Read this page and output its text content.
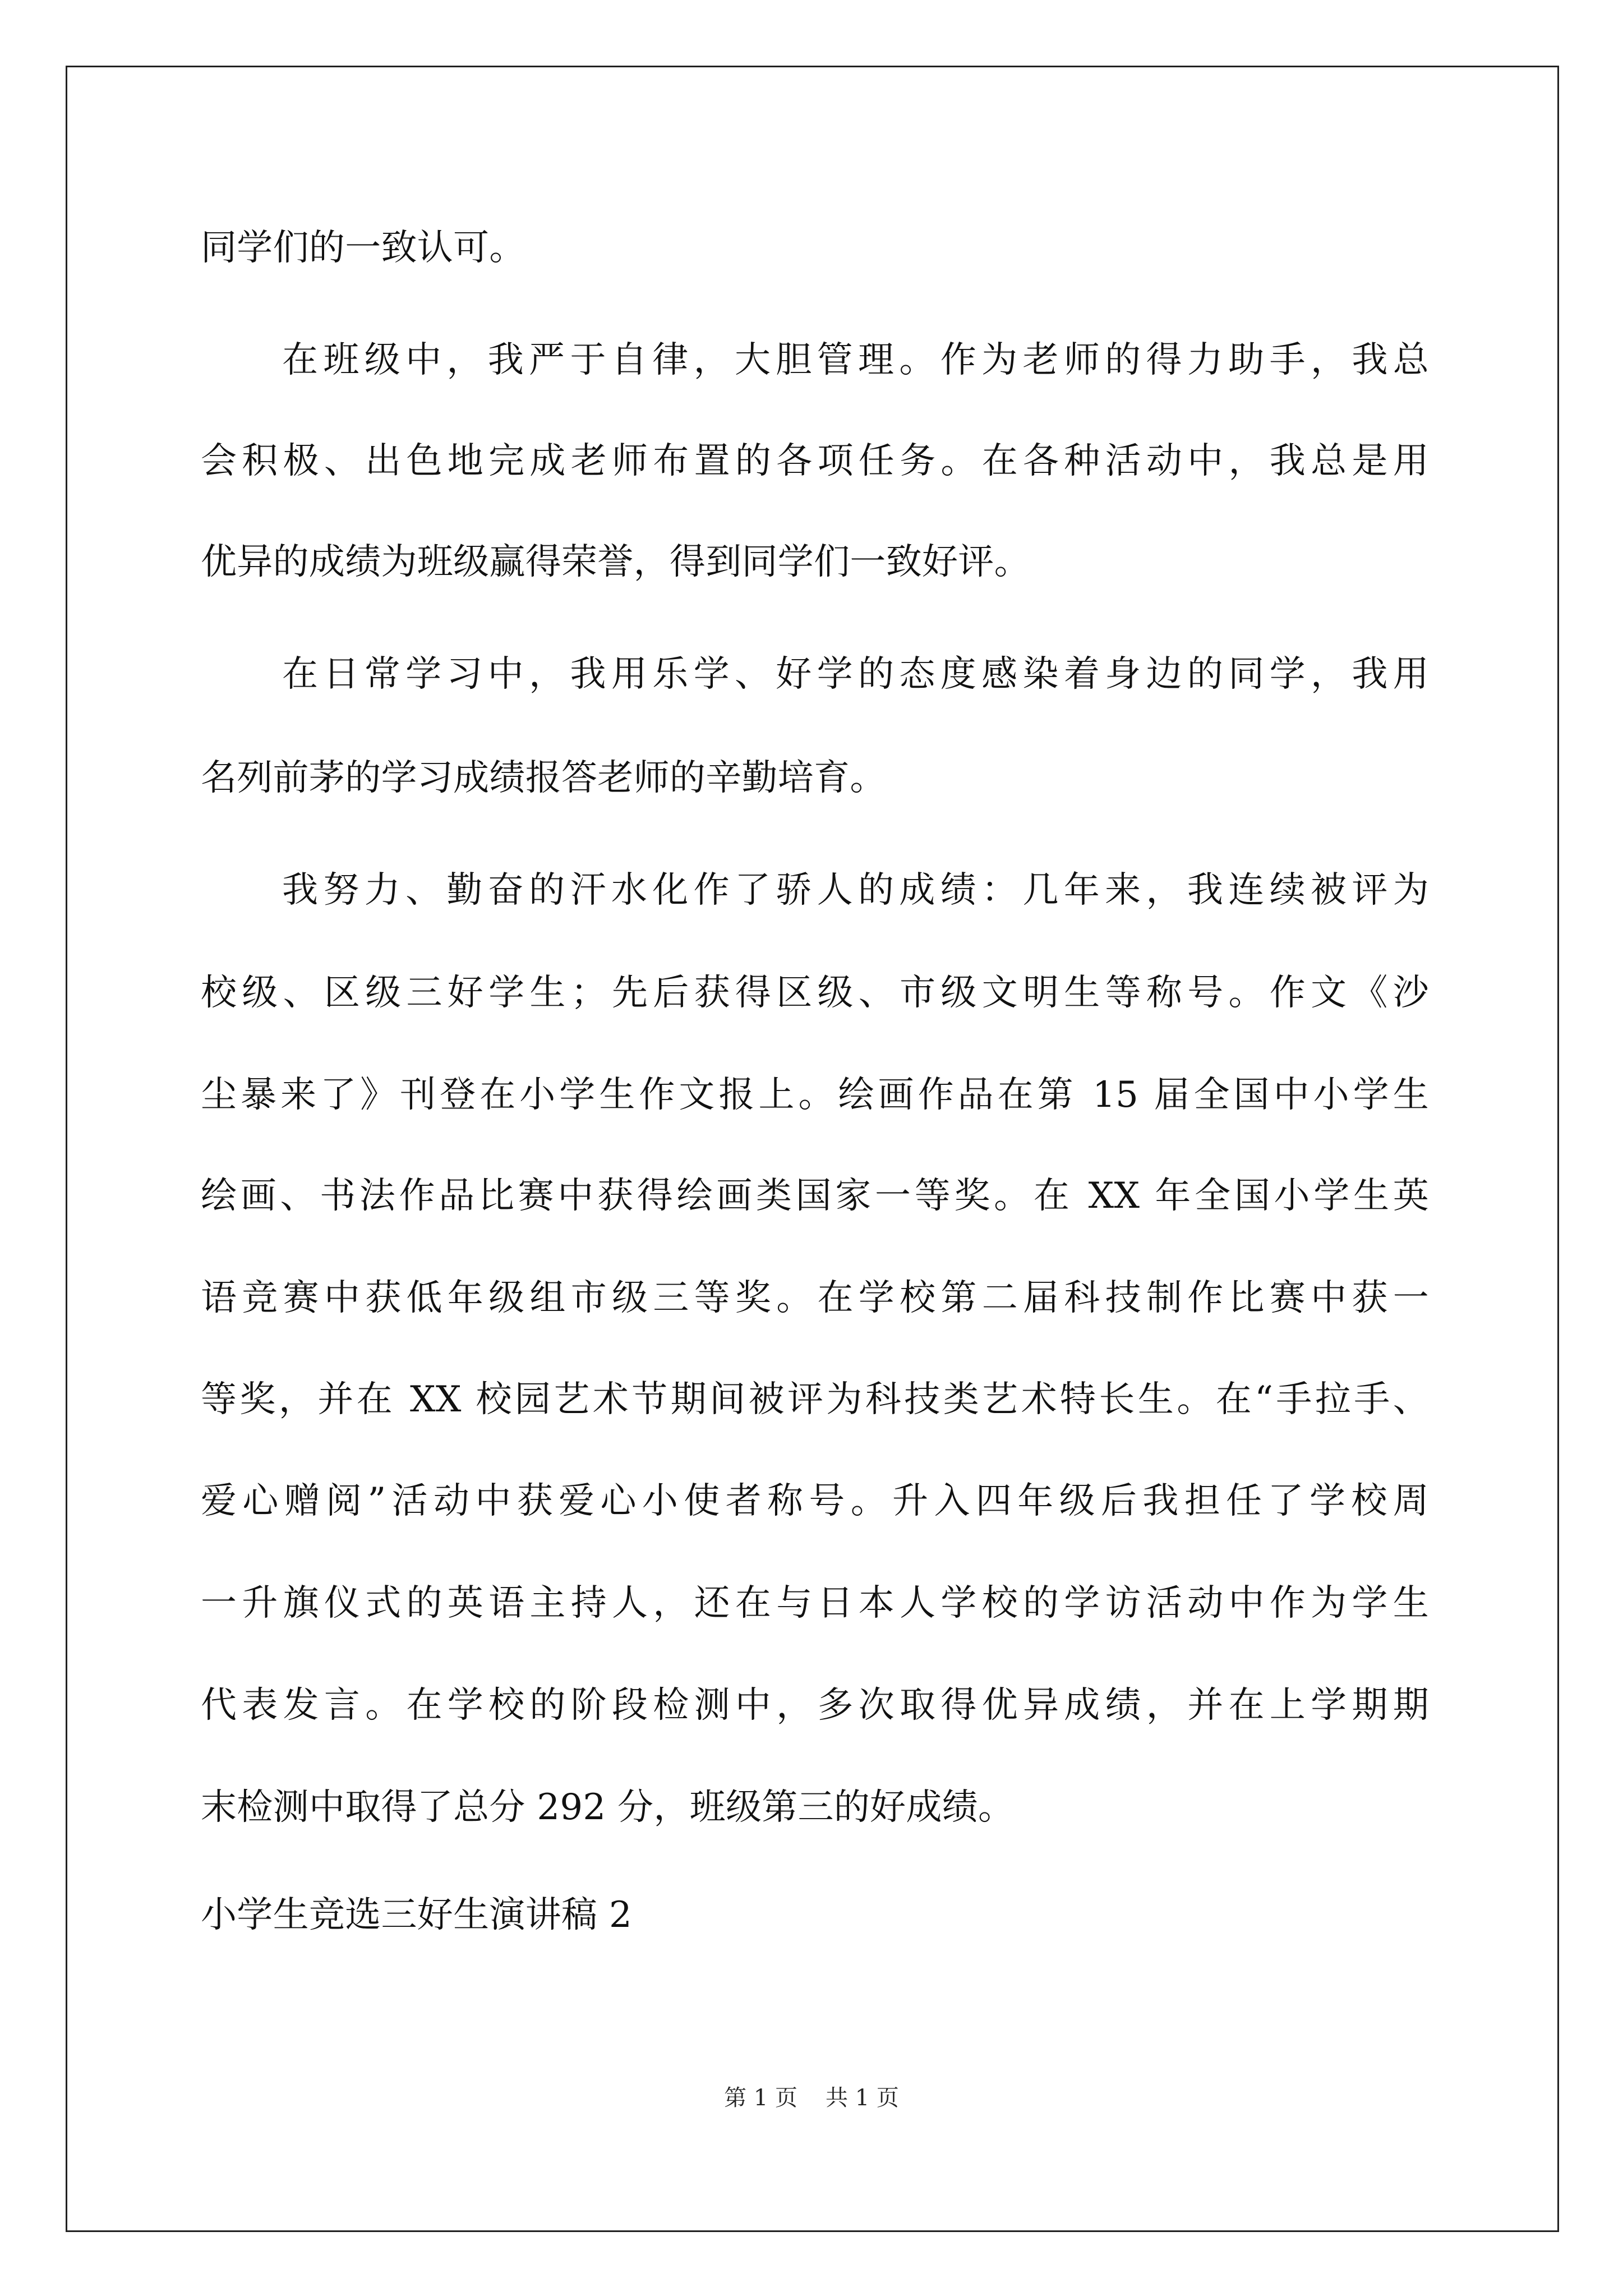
同学们的一致认可。
在班级中，我严于自律，大胆管理。作为老师的得力助手，我总
会积极、出色地完成老师布置的各项任务。在各种活动中，我总是用
优异的成绩为班级赢得荣誉，得到同学们一致好评。
在日常学习中，我用乐学、好学的态度感染着身边的同学，我用
名列前茅的学习成绩报答老师的辛勤培育。
我努力、勤奋的汗水化作了骄人的成绩：几年来，我连续被评为
校级、区级三好学生；先后获得区级、市级文明生等称号。作文《沙
尘暴来了》刊登在小学生作文报上。绘画作品在第 15 届全国中小学生
绘画、书法作品比赛中获得绘画类国家一等奖。在 XX 年全国小学生英
语竞赛中获低年级组市级三等奖。在学校第二届科技制作比赛中获一
等奖，并在 XX 校园艺术节期间被评为科技类艺术特长生。在“手拉手、
爱心赠阅”活动中获爱心小使者称号。升入四年级后我担任了学校周
一升旗仪式的英语主持人，还在与日本人学校的学访活动中作为学生
代表发言。在学校的阶段检测中，多次取得优异成绩，并在上学期期
末检测中取得了总分 292 分，班级第三的好成绩。
小学生竞选三好生演讲稿 2
第 1 页 共 1 页
